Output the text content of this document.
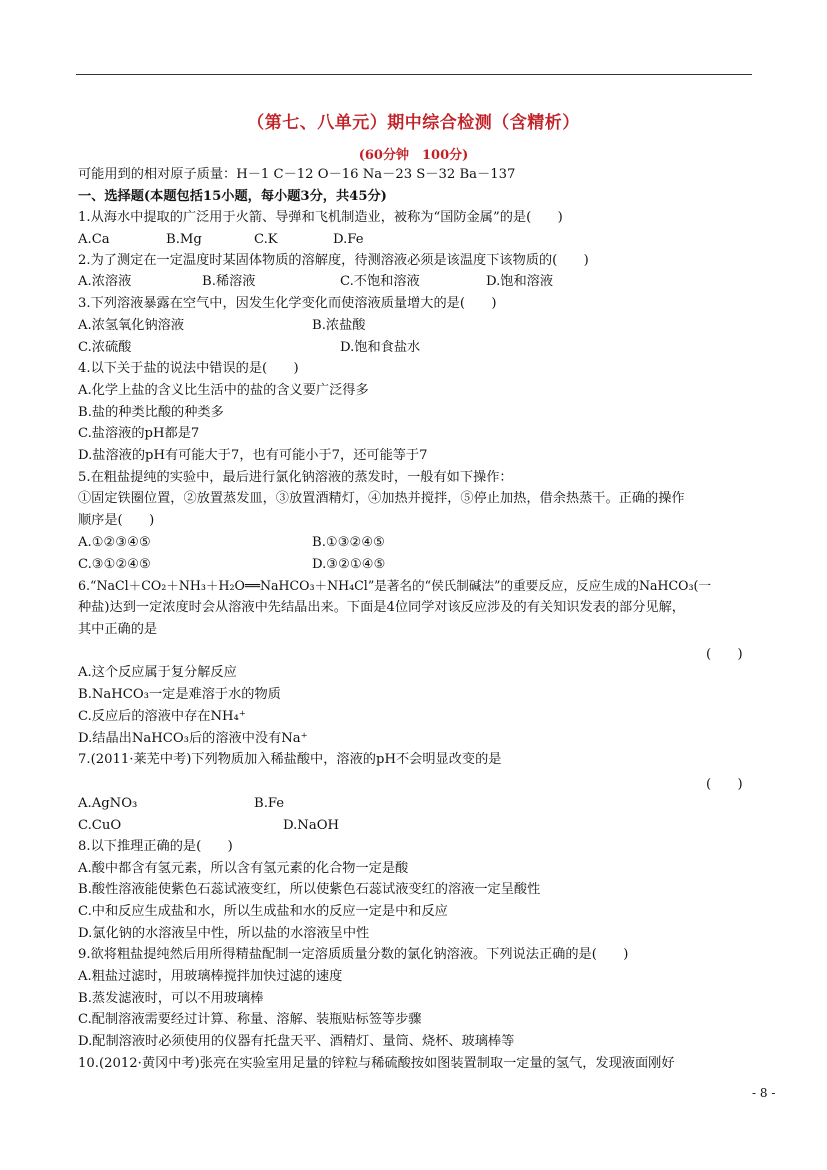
（第七、八单元）期中综合检测（含精析）
(60分钟　100分)
可能用到的相对原子质量：H－1 C－12 O－16 Na－23 S－32 Ba－137
一、选择题(本题包括15小题，每小题3分，共45分)
1.从海水中提取的广泛用于火箭、导弹和飞机制造业，被称为“国防金属”的是(　　)
A.Ca	B.Mg	C.K	D.Fe
2.为了测定在一定温度时某固体物质的溶解度，待测溶液必须是该温度下该物质的(　　)
A.浓溶液	B.稀溶液	C.不饱和溶液	D.饱和溶液
3.下列溶液暴露在空气中，因发生化学变化而使溶液质量增大的是(　　)
A.浓氢氧化钠溶液	B.浓盐酸
C.浓硫酸	D.饱和食盐水
4.以下关于盐的说法中错误的是(　　)
A.化学上盐的含义比生活中的盐的含义要广泛得多
B.盐的种类比酸的种类多
C.盐溶液的pH都是7
D.盐溶液的pH有可能大于7，也有可能小于7，还可能等于7
5.在粗盐提纯的实验中，最后进行氯化钠溶液的蒸发时，一般有如下操作：
①固定铁圈位置，②放置蒸发皿，③放置酒精灯，④加热并搅拌，⑤停止加热，借余热蒸干。正确的操作
顺序是(　　)
A.①②③④⑤	B.①③②④⑤
C.③①②④⑤	D.③②①④⑤
6.“NaCl＋CO₂＋NH₃＋H₂O══NaHCO₃＋NH₄Cl”是著名的“侯氏制碱法”的重要反应，反应生成的NaHCO₃(一
种盐)达到一定浓度时会从溶液中先结晶出来。下面是4位同学对该反应涉及的有关知识发表的部分见解，
其中正确的是
(　　)
A.这个反应属于复分解反应
B.NaHCO₃一定是难溶于水的物质
C.反应后的溶液中存在NH₄⁺
D.结晶出NaHCO₃后的溶液中没有Na⁺
7.(2011·莱芜中考)下列物质加入稀盐酸中，溶液的pH不会明显改变的是
(　　)
A.AgNO₃	B.Fe
C.CuO	D.NaOH
8.以下推理正确的是(　　)
A.酸中都含有氢元素，所以含有氢元素的化合物一定是酸
B.酸性溶液能使紫色石蕊试液变红，所以使紫色石蕊试液变红的溶液一定呈酸性
C.中和反应生成盐和水，所以生成盐和水的反应一定是中和反应
D.氯化钠的水溶液呈中性，所以盐的水溶液呈中性
9.欲将粗盐提纯然后用所得精盐配制一定溶质质量分数的氯化钠溶液。下列说法正确的是(　　)
A.粗盐过滤时，用玻璃棒搅拌加快过滤的速度
B.蒸发滤液时，可以不用玻璃棒
C.配制溶液需要经过计算、称量、溶解、装瓶贴标签等步骤
D.配制溶液时必须使用的仪器有托盘天平、酒精灯、量筒、烧杯、玻璃棒等
10.(2012·黄冈中考)张亮在实验室用足量的锌粒与稀硫酸按如图装置制取一定量的氢气，发现液面刚好
- 8 -
